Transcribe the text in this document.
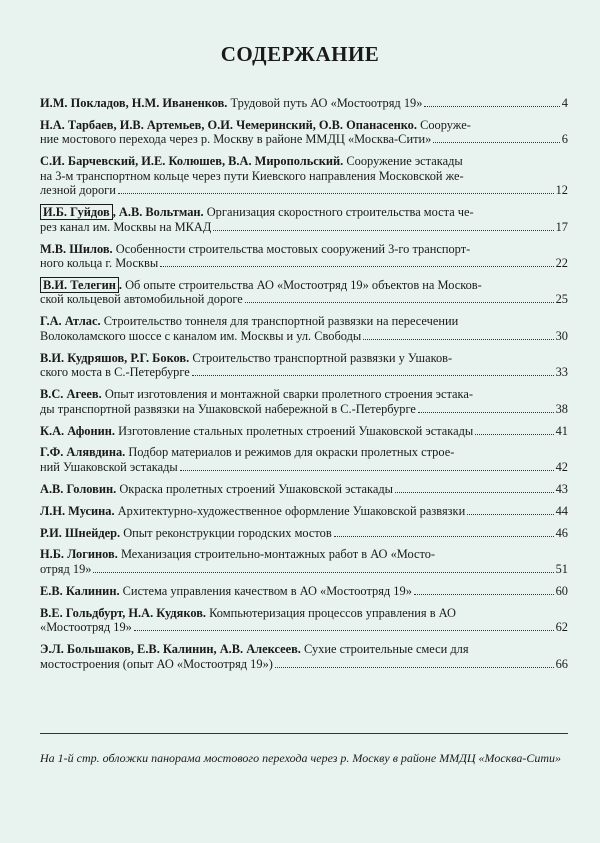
СОДЕРЖАНИЕ
И.М. Покладов, Н.М. Иваненков. Трудовой путь АО «Мостоотряд 19»	4
Н.А. Тарбаев, И.В. Артемьев, О.И. Чемеринский, О.В. Опанасенко. Сооруже-
ние мостового перехода через р. Москву в районе ММДЦ «Москва-Сити»	6
С.И. Барчевский, И.Е. Колюшев, В.А. Миропольский. Сооружение эстакады
на 3-м транспортном кольце через пути Киевского направления Московской же-
лезной дороги	12
И.Б. Гуйдов , А.В. Вольтман. Организация скоростного строительства моста че-
рез канал им. Москвы на МКАД	17
М.В. Шилов. Особенности строительства мостовых сооружений 3-го транспорт-
ного кольца г. Москвы	22
В.И. Телегин . Об опыте строительства АО «Мостоотряд 19» объектов на Москов-
ской кольцевой автомобильной дороге	25
Г.А. Атлас. Строительство тоннеля для транспортной развязки на пересечении
Волоколамского шоссе с каналом им. Москвы и ул. Свободы	30
В.И. Кудряшов, Р.Г. Боков. Строительство транспортной развязки у Ушаков-
ского моста в С.-Петербурге	33
В.С. Агеев. Опыт изготовления и монтажной сварки пролетного строения эстака-
ды транспортной развязки на Ушаковской набережной в С.-Петербурге	38
К.А. Афонин. Изготовление стальных пролетных строений Ушаковской эстакады	41
Г.Ф. Алявдина. Подбор материалов и режимов для окраски пролетных строе-
ний Ушаковской эстакады	42
А.В. Головин. Окраска пролетных строений Ушаковской эстакады	43
Л.Н. Мусина. Архитектурно-художественное оформление Ушаковской развязки	44
Р.И. Шнейдер. Опыт реконструкции городских мостов	46
Н.Б. Логинов. Механизация строительно-монтажных работ в АО «Мосто-
отряд 19»	51
Е.В. Калинин. Система управления качеством в АО «Мостоотряд 19»	60
В.Е. Гольдбурт, Н.А. Кудяков. Компьютеризация процессов управления в АО
«Мостоотряд 19»	62
Э.Л. Большаков, Е.В. Калинин, А.В. Алексеев. Сухие строительные смеси для
мостостроения (опыт АО «Мостоотряд 19»)	66
На 1-й стр. обложки панорама мостового перехода через р. Москву в районе ММДЦ «Москва-Сити»
